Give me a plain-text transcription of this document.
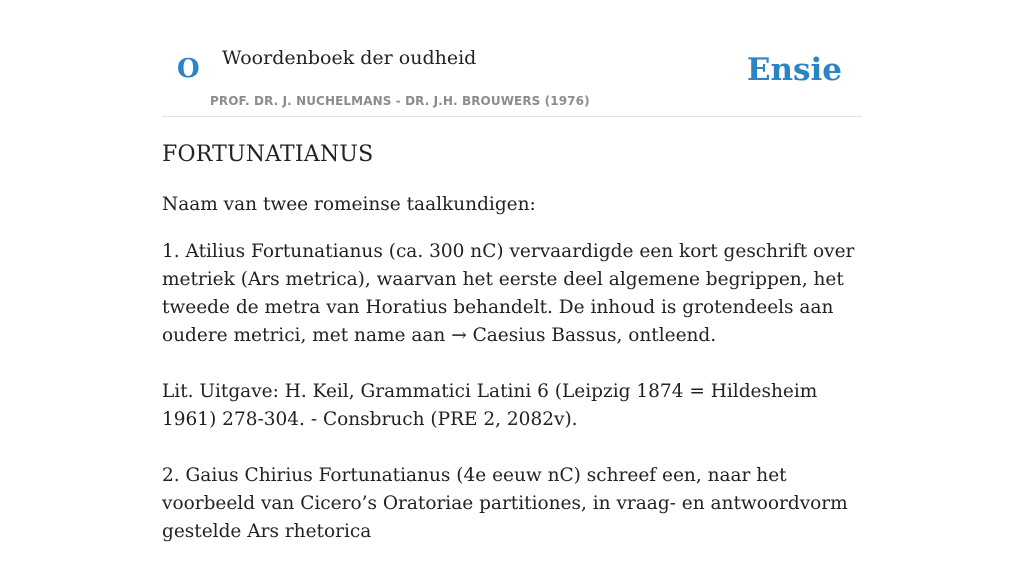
O Woordenboek der oudheid
PROF. DR. J. NUCHELMANS - DR. J.H. BROUWERS (1976)
Ensie
FORTUNATIANUS

Naam van twee romeinse taalkundigen:

1. Atilius Fortunatianus (ca. 300 nC) vervaardigde een kort geschrift over metriek (Ars metrica), waarvan het eerste deel algemene begrippen, het tweede de metra van Horatius behandelt. De inhoud is grotendeels aan oudere metrici, met name aan → Caesius Bassus, ontleend.

Lit. Uitgave: H. Keil, Grammatici Latini 6 (Leipzig 1874 = Hildesheim 1961) 278-304. - Consbruch (PRE 2, 2082v).

2. Gaius Chirius Fortunatianus (4e eeuw nC) schreef een, naar het voorbeeld van Cicero’s Oratoriae partitiones, in vraag- en antwoordvorm gestelde Ars rhetorica
